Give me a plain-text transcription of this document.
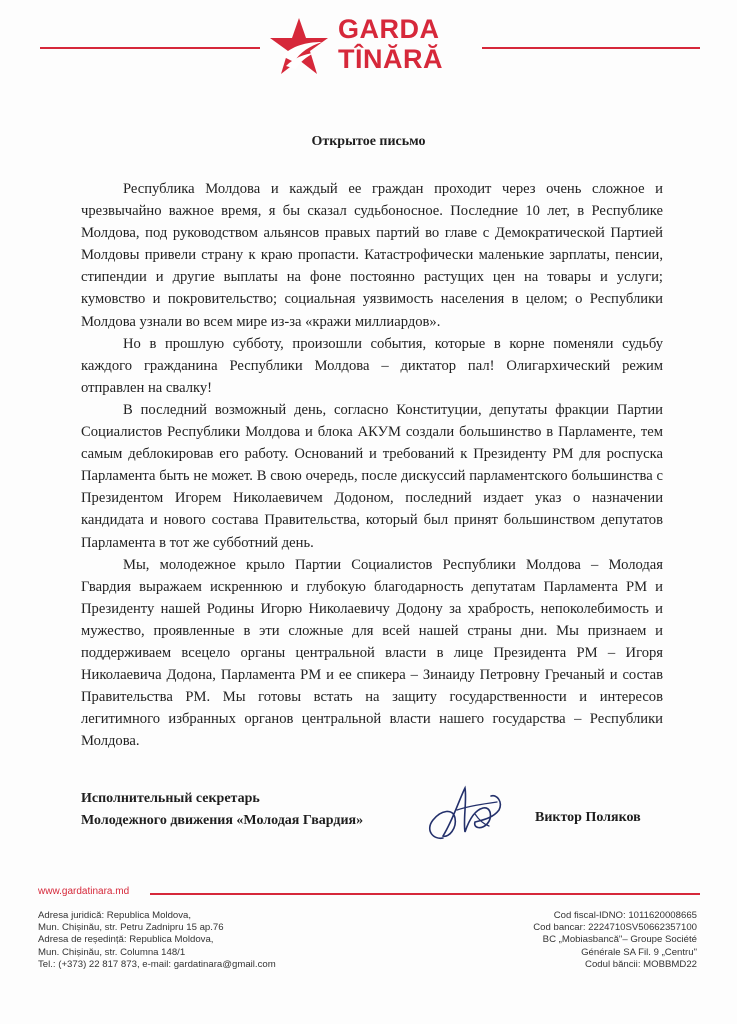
GARDA
TÎNĂRĂ
Открытое письмо

Республика Молдова и каждый ее граждан проходит через очень сложное и чрезвычайно важное время, я бы сказал судьбоносное. Последние 10 лет, в Республике Молдова, под руководством альянсов правых партий во главе с Демократической Партией Молдовы привели страну к краю пропасти. Катастрофически маленькие зарплаты, пенсии, стипендии и другие выплаты на фоне постоянно растущих цен на товары и услуги; кумовство и покровительство; социальная уязвимость населения в целом; о Республики Молдова узнали во всем мире из-за «кражи миллиардов».

Но в прошлую субботу, произошли события, которые в корне поменяли судьбу каждого гражданина Республики Молдова – диктатор пал! Олигархический режим отправлен на свалку!

В последний возможный день, согласно Конституции, депутаты фракции Партии Социалистов Республики Молдова и блока АКУМ создали большинство в Парламенте, тем самым деблокировав его работу. Оснований и требований к Президенту РМ для роспуска Парламента быть не может. В свою очередь, после дискуссий парламентского большинства с Президентом Игорем Николаевичем Додоном, последний издает указ о назначении кандидата и нового состава Правительства, который был принят большинством депутатов Парламента в тот же субботний день.

Мы, молодежное крыло Партии Социалистов Республики Молдова – Молодая Гвардия выражаем искреннюю и глубокую благодарность депутатам Парламента РМ и Президенту нашей Родины Игорю Николаевичу Додону за храбрость, непоколебимость и мужество, проявленные в эти сложные для всей нашей страны дни. Мы признаем и поддерживаем всецело органы центральной власти в лице Президента РМ – Игоря Николаевича Додона, Парламента РМ и ее спикера – Зинаиду Петровну Гречаный и состав Правительства РМ. Мы готовы встать на защиту государственности и интересов легитимного избранных органов центральной власти нашего государства – Республики Молдова.

Исполнительный секретарь
Молодежного движения «Молодая Гвардия»	Виктор Поляков
www.gardatinara.md
Adresa juridică: Republica Moldova,
Mun. Chișinău, str. Petru Zadnipru 15 ap.76
Adresa de reședință: Republica Moldova,
Mun. Chișinău, str. Columna 148/1
Tel.: (+373) 22 817 873, e-mail: gardatinara@gmail.com
Cod fiscal-IDNO: 1011620008665
Cod bancar: 2224710SV50662357100
BC „Mobiasbancă"– Groupe Société
Générale SA Fil. 9 „Centru"
Codul băncii: MOBBMD22
